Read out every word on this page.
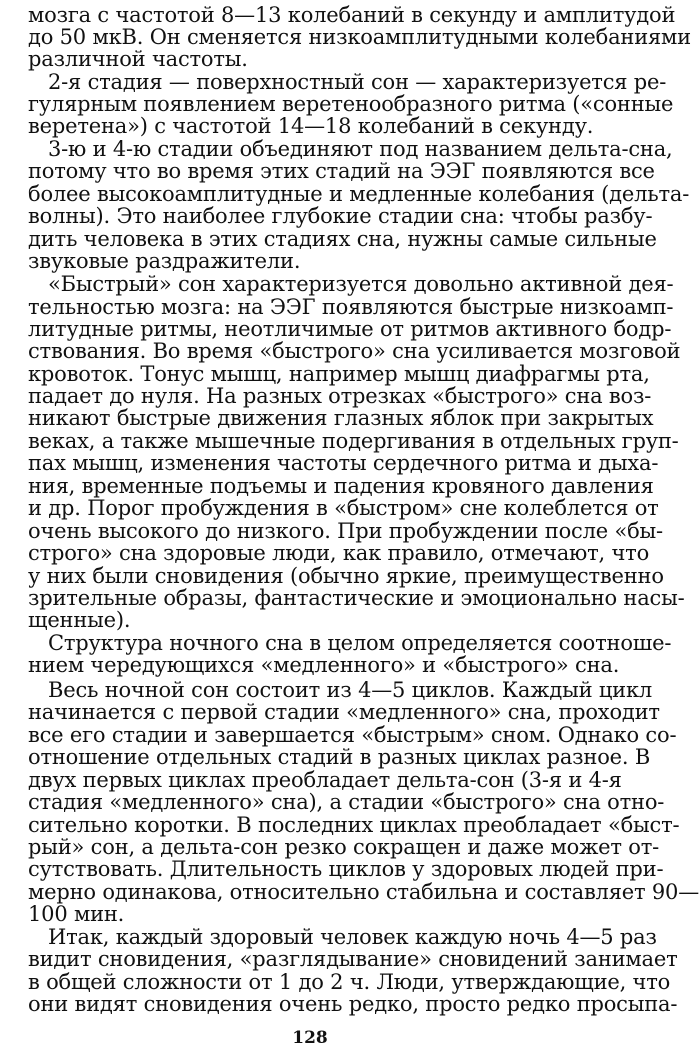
мозга с частотой 8—13 колебаний в секунду и амплитудой
до 50 мкВ. Он сменяется низкоамплитудными колебаниями
различной частоты.
2-я стадия — поверхностный сон — характеризуется ре-
гулярным появлением веретенообразного ритма («сонные
веретена») с частотой 14—18 колебаний в секунду.
3-ю и 4-ю стадии объединяют под названием дельта-сна,
потому что во время этих стадий на ЭЭГ появляются все
более высокоамплитудные и медленные колебания (дельта-
волны). Это наиболее глубокие стадии сна: чтобы разбу-
дить человека в этих стадиях сна, нужны самые сильные
звуковые раздражители.
«Быстрый» сон характеризуется довольно активной дея-
тельностью мозга: на ЭЭГ появляются быстрые низкоамп-
литудные ритмы, неотличимые от ритмов активного бодр-
ствования. Во время «быстрого» сна усиливается мозговой
кровоток. Тонус мышц, например мышц диафрагмы рта,
падает до нуля. На разных отрезках «быстрого» сна воз-
никают быстрые движения глазных яблок при закрытых
веках, а также мышечные подергивания в отдельных груп-
пах мышц, изменения частоты сердечного ритма и дыха-
ния, временные подъемы и падения кровяного давления
и др. Порог пробуждения в «быстром» сне колеблется от
очень высокого до низкого. При пробуждении после «бы-
строго» сна здоровые люди, как правило, отмечают, что
у них были сновидения (обычно яркие, преимущественно
зрительные образы, фантастические и эмоционально насы-
щенные).
Структура ночного сна в целом определяется соотноше-
нием чередующихся «медленного» и «быстрого» сна.
Весь ночной сон состоит из 4—5 циклов. Каждый цикл
начинается с первой стадии «медленного» сна, проходит
все его стадии и завершается «быстрым» сном. Однако со-
отношение отдельных стадий в разных циклах разное. В
двух первых циклах преобладает дельта-сон (3-я и 4-я
стадия «медленного» сна), а стадии «быстрого» сна отно-
сительно коротки. В последних циклах преобладает «быст-
рый» сон, а дельта-сон резко сокращен и даже может от-
сутствовать. Длительность циклов у здоровых людей при-
мерно одинакова, относительно стабильна и составляет 90—
100 мин.
Итак, каждый здоровый человек каждую ночь 4—5 раз
видит сновидения, «разглядывание» сновидений занимает
в общей сложности от 1 до 2 ч. Люди, утверждающие, что
они видят сновидения очень редко, просто редко просыпа-
128
